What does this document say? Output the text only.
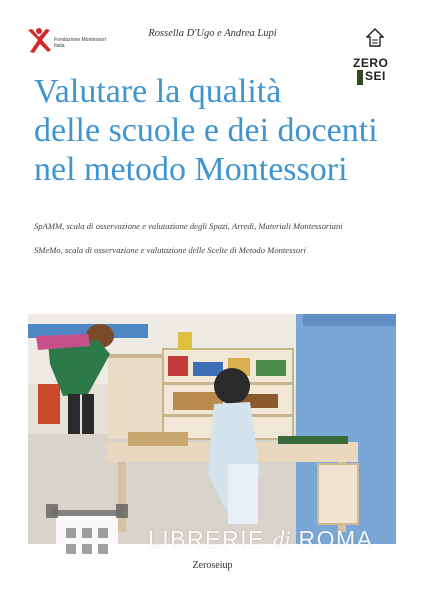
Fondazione Montessori Italia
Rossella D'Ugo e Andrea Lupi
ZERO
SEI
Valutare la qualità
delle scuole e dei docenti
nel metodo Montessori
SpAMM, scala di osservazione e valutazione degli Spazi, Arredi, Materiali Montessoriani
SMeMo, scala di osservazione e valutazione delle Scelte di Metodo Montessori
LIBRERIE di ROMA
Zeroseiup
